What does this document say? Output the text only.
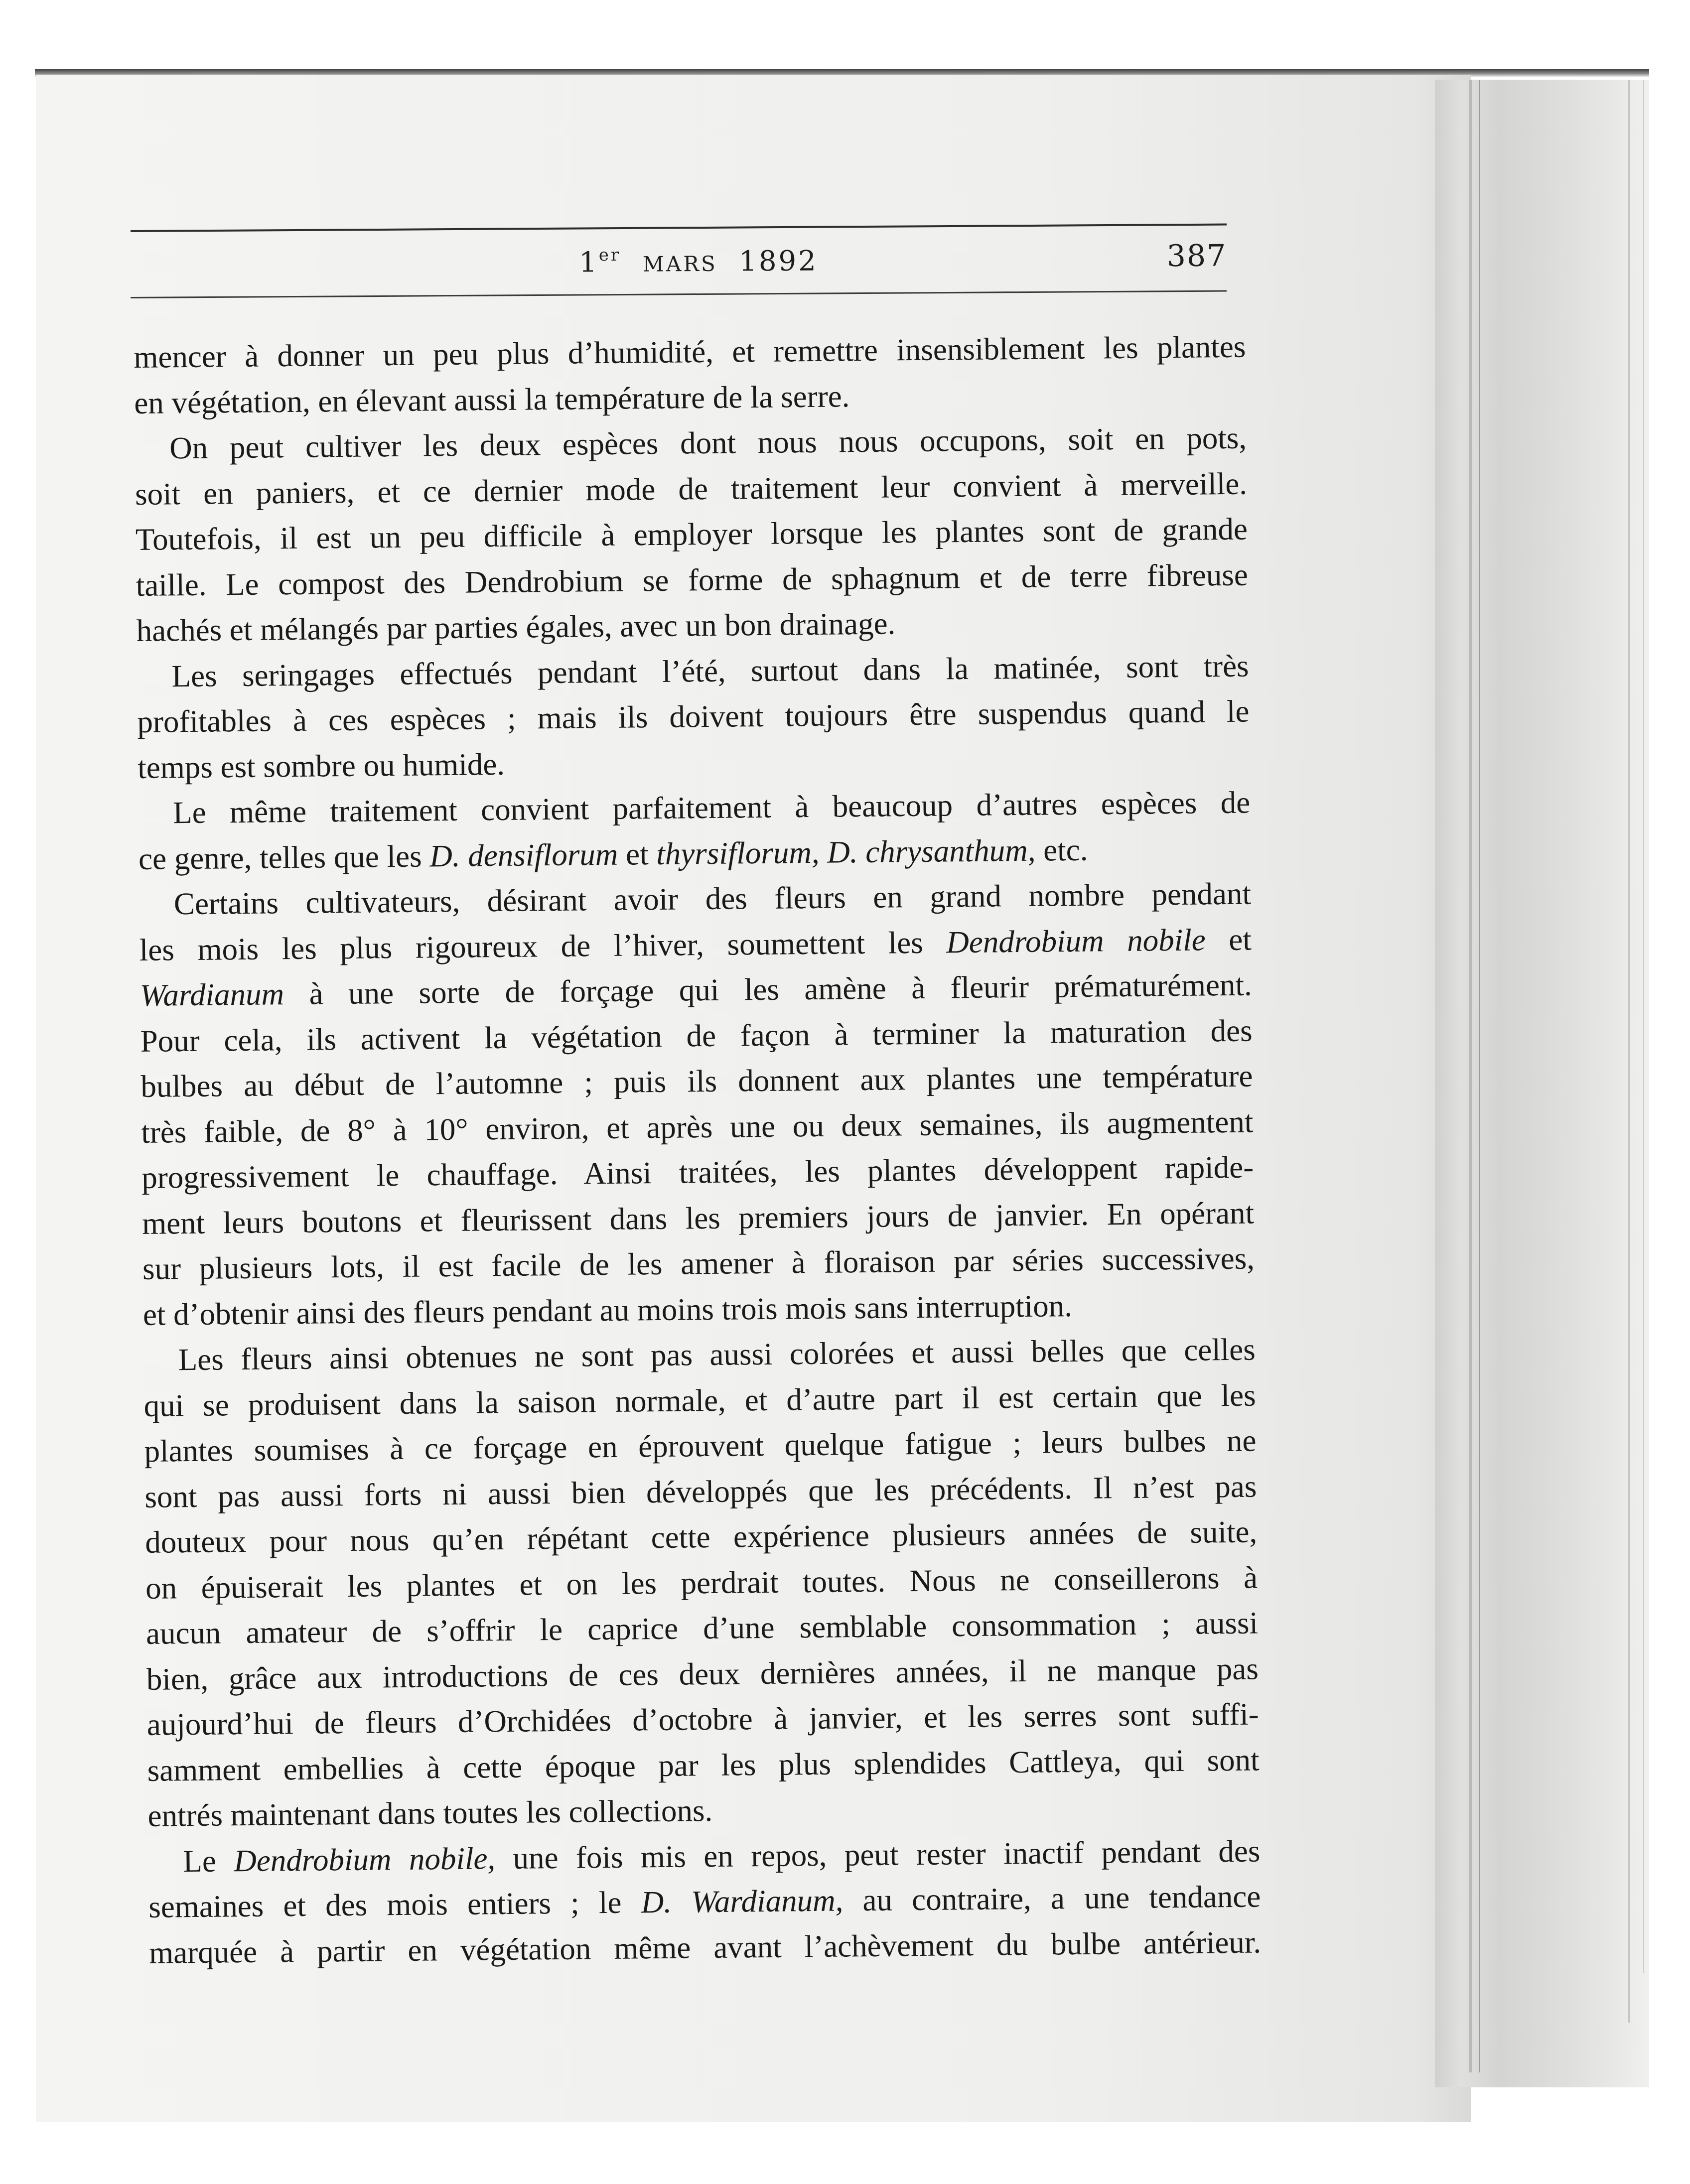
1er MARS 1892	387
mencer à donner un peu plus d’humidité, et remettre insensiblement les plantes
en végétation, en élevant aussi la température de la serre.
On peut cultiver les deux espèces dont nous nous occupons, soit en pots,
soit en paniers, et ce dernier mode de traitement leur convient à merveille.
Toutefois, il est un peu difficile à employer lorsque les plantes sont de grande
taille. Le compost des Dendrobium se forme de sphagnum et de terre fibreuse
hachés et mélangés par parties égales, avec un bon drainage.
Les seringages effectués pendant l’été, surtout dans la matinée, sont très
profitables à ces espèces ; mais ils doivent toujours être suspendus quand le
temps est sombre ou humide.
Le même traitement convient parfaitement à beaucoup d’autres espèces de
ce genre, telles que les D. densiflorum et thyrsiflorum, D. chrysanthum, etc.
Certains cultivateurs, désirant avoir des fleurs en grand nombre pendant
les mois les plus rigoureux de l’hiver, soumettent les Dendrobium nobile et
Wardianum à une sorte de forçage qui les amène à fleurir prématurément.
Pour cela, ils activent la végétation de façon à terminer la maturation des
bulbes au début de l’automne ; puis ils donnent aux plantes une température
très faible, de 8° à 10° environ, et après une ou deux semaines, ils augmentent
progressivement le chauffage. Ainsi traitées, les plantes développent rapide-
ment leurs boutons et fleurissent dans les premiers jours de janvier. En opérant
sur plusieurs lots, il est facile de les amener à floraison par séries successives,
et d’obtenir ainsi des fleurs pendant au moins trois mois sans interruption.
Les fleurs ainsi obtenues ne sont pas aussi colorées et aussi belles que celles
qui se produisent dans la saison normale, et d’autre part il est certain que les
plantes soumises à ce forçage en éprouvent quelque fatigue ; leurs bulbes ne
sont pas aussi forts ni aussi bien développés que les précédents. Il n’est pas
douteux pour nous qu’en répétant cette expérience plusieurs années de suite,
on épuiserait les plantes et on les perdrait toutes. Nous ne conseillerons à
aucun amateur de s’offrir le caprice d’une semblable consommation ; aussi
bien, grâce aux introductions de ces deux dernières années, il ne manque pas
aujourd’hui de fleurs d’Orchidées d’octobre à janvier, et les serres sont suffi-
samment embellies à cette époque par les plus splendides Cattleya, qui sont
entrés maintenant dans toutes les collections.
Le Dendrobium nobile, une fois mis en repos, peut rester inactif pendant des
semaines et des mois entiers ; le D. Wardianum, au contraire, a une tendance
marquée à partir en végétation même avant l’achèvement du bulbe antérieur.
